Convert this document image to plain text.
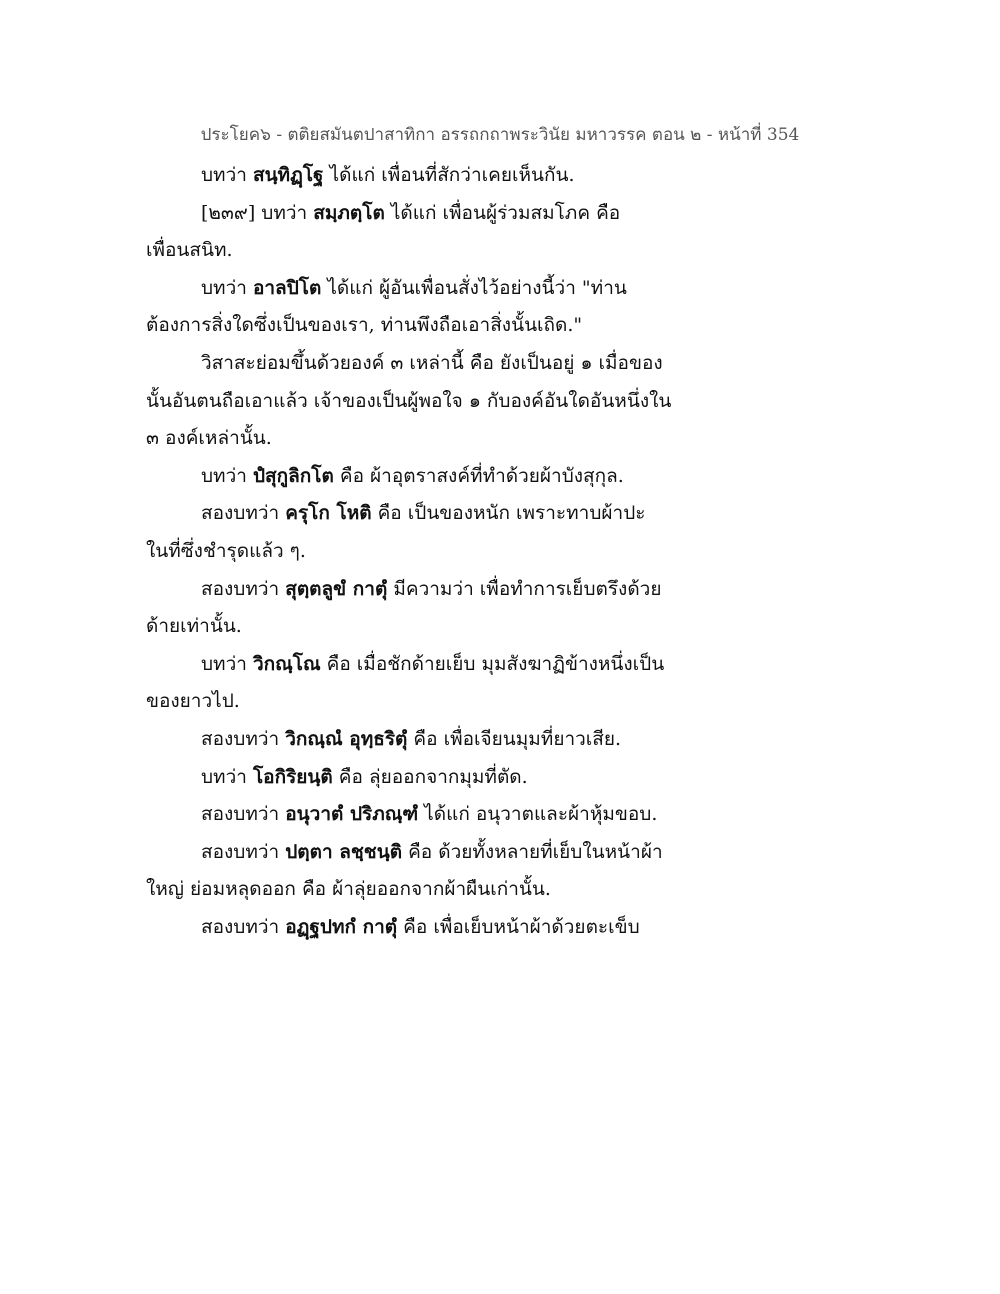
ประโยค๖ - ตติยสมันตปาสาทิกา อรรถกถาพระวินัย มหาวรรค ตอน ๒ - หน้าที่ 354
บทว่า สนฺทิฏฺโฐ ได้แก่ เพื่อนที่สักว่าเคยเห็นกัน.
[๒๓๙] บทว่า สมฺภตฺโต ได้แก่ เพื่อนผู้ร่วมสมโภค คือ
เพื่อนสนิท.
บทว่า อาลปิโต ได้แก่ ผู้อันเพื่อนสั่งไว้อย่างนี้ว่า "ท่าน
ต้องการสิ่งใดซึ่งเป็นของเรา, ท่านพึงถือเอาสิ่งนั้นเถิด."
วิสาสะย่อมขึ้นด้วยองค์ ๓ เหล่านี้ คือ ยังเป็นอยู่ ๑ เมื่อของ
นั้นอันตนถือเอาแล้ว เจ้าของเป็นผู้พอใจ ๑ กับองค์อันใดอันหนึ่งใน
๓ องค์เหล่านั้น.
บทว่า ปํสุกูลิกโต คือ ผ้าอุตราสงค์ที่ทำด้วยผ้าบังสุกุล.
สองบทว่า ครุโก โหติ คือ เป็นของหนัก เพราะทาบผ้าปะ
ในที่ซึ่งชำรุดแล้ว ๆ.
สองบทว่า สุตฺตลูขํ กาตุํ มีความว่า เพื่อทำการเย็บตรึงด้วย
ด้ายเท่านั้น.
บทว่า วิกณฺโณ คือ เมื่อชักด้ายเย็บ มุมสังฆาฏิข้างหนึ่งเป็น
ของยาวไป.
สองบทว่า วิกณฺณํ อุทฺธริตุํ คือ เพื่อเจียนมุมที่ยาวเสีย.
บทว่า โอกิริยนฺติ คือ ลุ่ยออกจากมุมที่ตัด.
สองบทว่า อนุวาตํ ปริภณฺฑํ ได้แก่ อนุวาตและผ้าหุ้มขอบ.
สองบทว่า ปตฺตา ลชฺชนฺติ คือ ด้วยทั้งหลายที่เย็บในหน้าผ้า
ใหญ่ ย่อมหลุดออก คือ ผ้าลุ่ยออกจากผ้าผืนเก่านั้น.
สองบทว่า อฏฺฐปทกํ กาตุํ คือ เพื่อเย็บหน้าผ้าด้วยตะเข็บ
